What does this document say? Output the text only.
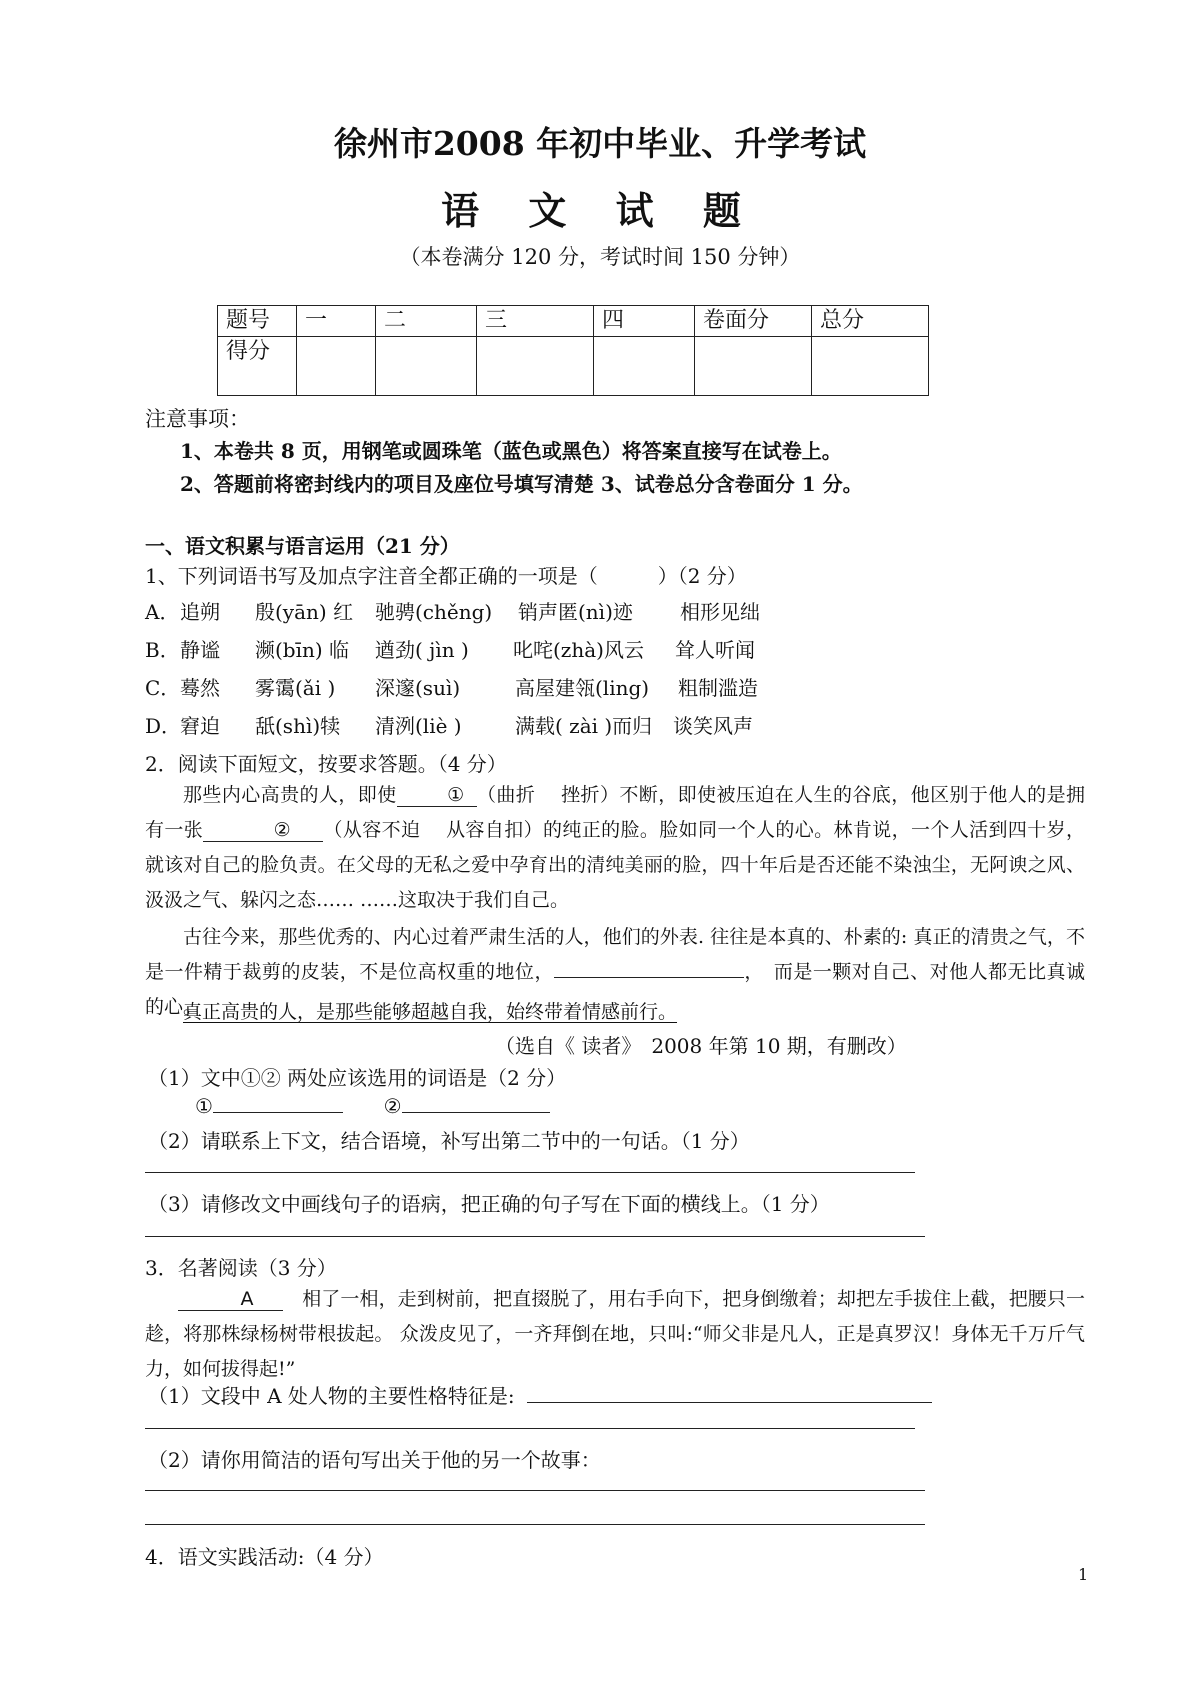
徐州市2008 年初中毕业、升学考试
语 文 试 题
（本卷满分 120 分，考试时间 150 分钟）
题号	一	二	三	四	卷面分	总分
得分						
注意事项：
1、本卷共 8 页，用钢笔或圆珠笔（蓝色或黑色）将答案直接写在试卷上。
2、答题前将密封线内的项目及座位号填写清楚 3、试卷总分含卷面分 1 分。
一、语文积累与语言运用（21 分）
1、下列词语书写及加点字注音全都正确的一项是（　　　）（2 分）
A． 追朔 殷(yān) 红 驰骋(chěng) 销声匿(nì)迹 相形见绌
B． 静谧 濒(bīn) 临 遒劲( jìn ) 叱咤(zhà)风云 耸人听闻
C． 蓦然 雾霭(ǎi ) 深邃(suì)	高屋建瓴(ling) 粗制滥造
D．
窘迫 舐(shì)犊 清洌(liè )	满载( zài )而归 谈笑风声
2．阅读下面短文，按要求答题。（4 分）
那些内心高贵的人，即使	① （曲折　 挫折）不断，即使被压迫在人生的谷底，他区别于他人的是拥有一张	② （从容不迫　 从容自扣）的纯正的脸。脸如同一个人的心。林肯说，一个人活到四十岁，就该对自己的脸负责。在父母的无私之爱中孕育出的清纯美丽的脸，四十年后是否还能不染浊尘，无阿谀之风、汲汲之气、躲闪之态…… ……这取决于我们自己。
古往今来，那些优秀的、内心过着严肃生活的人，他们的外表. 往往是本真的、朴素的: 真正的清贵之气，不是一件精于裁剪的皮装，不是位高权重的地位，	，　而是一颗对自己、对他人都无比真诚的心。
真正高贵的人，是那些能够超越自我，始终带着情感前行。
（选自《 读者》　2008 年第 10 期，有删改）
（1）文中①② 两处应该选用的词语是（2 分）
①	②
（2）请联系上下文，结合语境，补写出第二节中的一句话。（1 分）
（3）请修改文中画线句子的语病，把正确的句子写在下面的横线上。（1 分）
3．名著阅读（3 分）
A　	相了一相，走到树前，把直掇脱了，用右手向下，把身倒缴着；却把左手拔住上截，把腰只一趁，将那株绿杨树带根拔起。 众泼皮见了，一齐拜倒在地，只叫:“师父非是凡人，正是真罗汉！身体无千万斤气力，如何拔得起!”
（1）文段中 A 处人物的主要性格特征是:
（2）请你用简洁的语句写出关于他的另一个故事：
4．语文实践活动:（4 分）
1
